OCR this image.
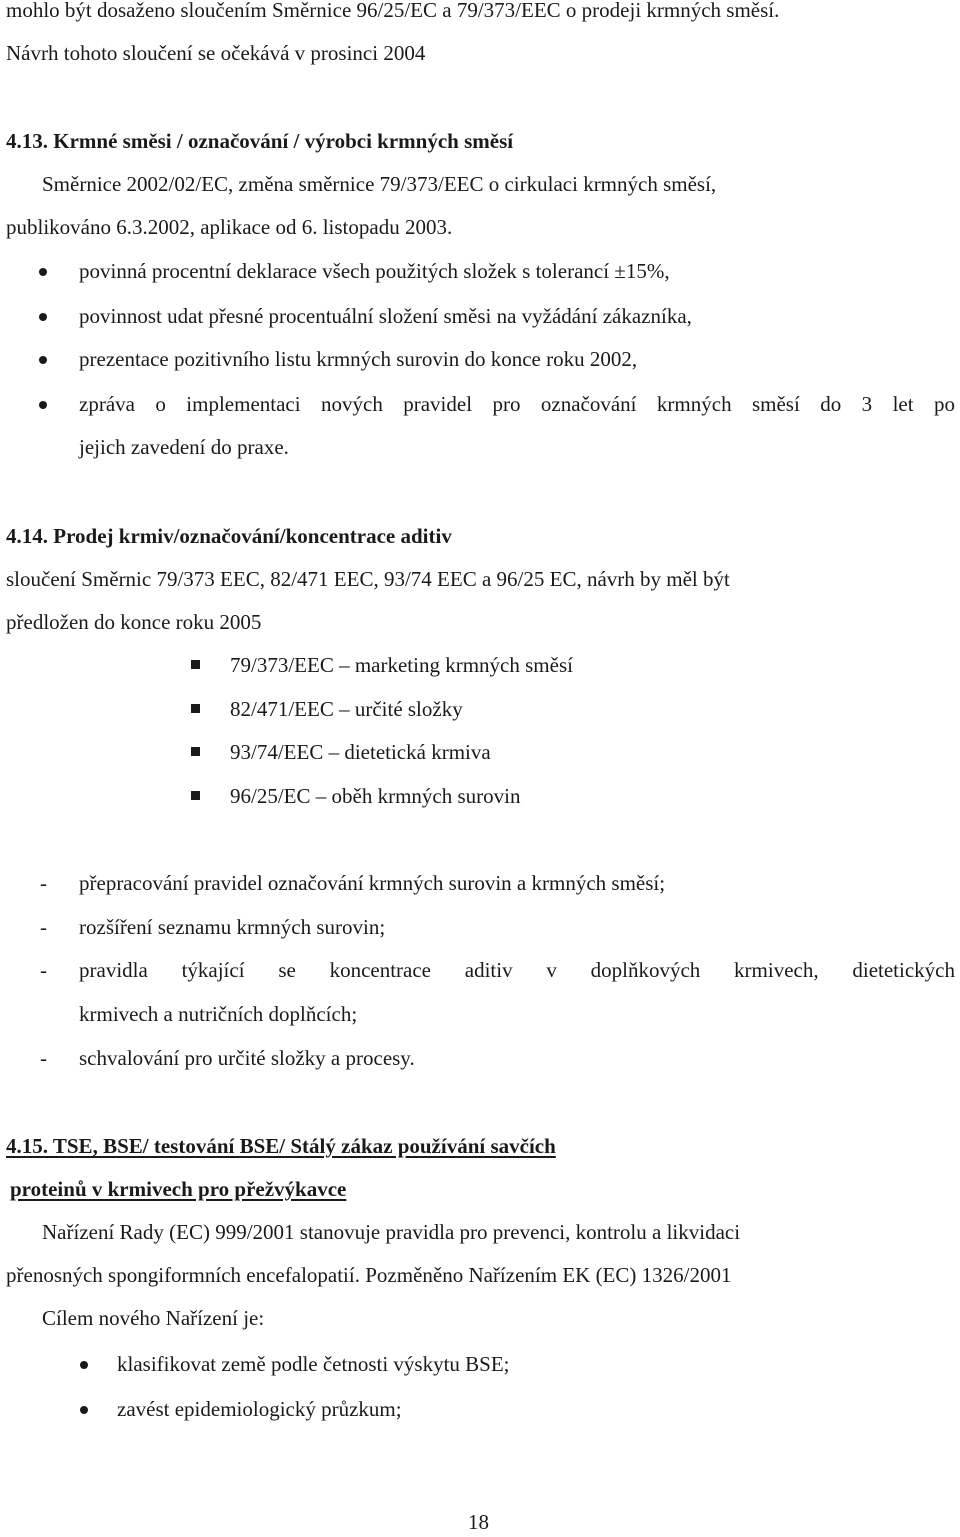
mohlo být dosaženo sloučením Směrnice 96/25/EC a 79/373/EEC o prodeji krmných směsí.
Návrh tohoto sloučení se očekává v prosinci 2004
4.13. Krmné směsi / označování / výrobci krmných směsí
Směrnice 2002/02/EC, změna směrnice 79/373/EEC o cirkulaci krmných směsí,
publikováno 6.3.2002, aplikace od 6. listopadu 2003.
povinná procentní deklarace všech použitých složek s tolerancí ±15%,
povinnost udat přesné procentuální složení směsi na vyžádání zákazníka,
prezentace pozitivního listu krmných surovin do konce roku 2002,
zpráva o implementaci nových pravidel pro označování krmných směsí do 3 let po
jejich zavedení do praxe.
4.14. Prodej krmiv/označování/koncentrace aditiv
sloučení Směrnic 79/373 EEC, 82/471 EEC, 93/74 EEC a 96/25 EC, návrh by měl být
předložen do konce roku 2005
79/373/EEC – marketing krmných směsí
82/471/EEC – určité složky
93/74/EEC – dietetická krmiva
96/25/EC – oběh krmných surovin
- přepracování pravidel označování krmných surovin a krmných směsí;
- rozšíření seznamu krmných surovin;
- pravidla týkající se koncentrace aditiv v doplňkových krmivech, dietetických
krmivech a nutričních doplňcích;
- schvalování pro určité složky a procesy.
4.15. TSE, BSE/ testování BSE/ Stálý zákaz používání savčích
proteinů v krmivech pro přežvýkavce
Nařízení Rady (EC) 999/2001 stanovuje pravidla pro prevenci, kontrolu a likvidaci
přenosných spongiformních encefalopatií. Pozměněno Nařízením EK (EC) 1326/2001
Cílem nového Nařízení je:
klasifikovat země podle četnosti výskytu BSE;
zavést epidemiologický průzkum;
18
